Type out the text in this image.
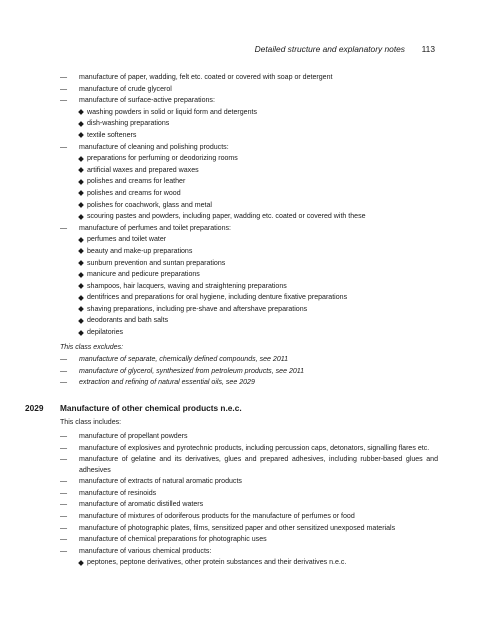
Detailed structure and explanatory notes 113
— manufacture of paper, wadding, felt etc. coated or covered with soap or detergent
— manufacture of crude glycerol
— manufacture of surface-active preparations:
washing powders in solid or liquid form and detergents
dish-washing preparations
textile softeners
— manufacture of cleaning and polishing products:
preparations for perfuming or deodorizing rooms
artificial waxes and prepared waxes
polishes and creams for leather
polishes and creams for wood
polishes for coachwork, glass and metal
scouring pastes and powders, including paper, wadding etc. coated or covered with these
— manufacture of perfumes and toilet preparations:
perfumes and toilet water
beauty and make-up preparations
sunburn prevention and suntan preparations
manicure and pedicure preparations
shampoos, hair lacquers, waving and straightening preparations
dentifrices and preparations for oral hygiene, including denture fixative preparations
shaving preparations, including pre-shave and aftershave preparations
deodorants and bath salts
depilatories
This class excludes:
— manufacture of separate, chemically defined compounds, see 2011
— manufacture of glycerol, synthesized from petroleum products, see 2011
— extraction and refining of natural essential oils, see 2029
2029 Manufacture of other chemical products n.e.c.
This class includes:
— manufacture of propellant powders
— manufacture of explosives and pyrotechnic products, including percussion caps, detonators, signalling flares etc.
— manufacture of gelatine and its derivatives, glues and prepared adhesives, including rubber-based glues and adhesives
— manufacture of extracts of natural aromatic products
— manufacture of resinoids
— manufacture of aromatic distilled waters
— manufacture of mixtures of odoriferous products for the manufacture of perfumes or food
— manufacture of photographic plates, films, sensitized paper and other sensitized unexposed materials
— manufacture of chemical preparations for photographic uses
— manufacture of various chemical products:
peptones, peptone derivatives, other protein substances and their derivatives n.e.c.
